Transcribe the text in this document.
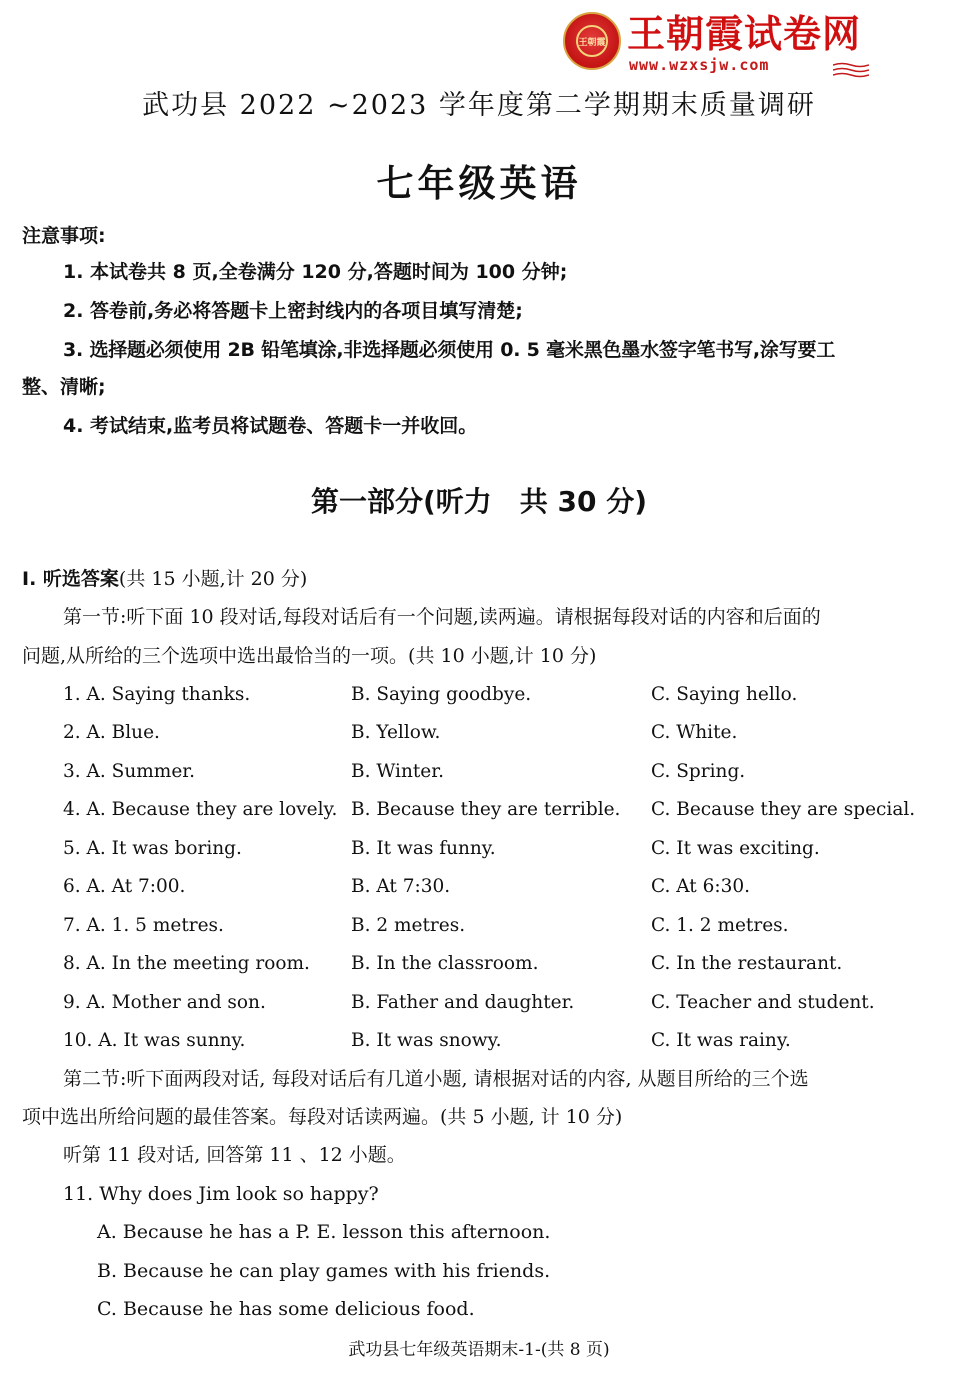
王朝霞 王朝霞试卷网
www.wzxsjw.com
武功县 2022 ~2023 学年度第二学期期末质量调研
七年级英语
注意事项:
1. 本试卷共 8 页,全卷满分 120 分,答题时间为 100 分钟;
2. 答卷前,务必将答题卡上密封线内的各项目填写清楚;
3. 选择题必须使用 2B 铅笔填涂,非选择题必须使用 0. 5 毫米黑色墨水签字笔书写,涂写要工
整、清晰;
4. 考试结束,监考员将试题卷、答题卡一并收回。
第一部分(听力　共 30 分)
Ⅰ. 听选答案(共 15 小题,计 20 分)
第一节:听下面 10 段对话,每段对话后有一个问题,读两遍。请根据每段对话的内容和后面的
问题,从所给的三个选项中选出最恰当的一项。(共 10 小题,计 10 分)
1. A. Saying thanks.	B. Saying goodbye.	C. Saying hello.
2. A. Blue.	B. Yellow.	C. White.
3. A. Summer.	B. Winter.	C. Spring.
4. A. Because they are lovely. B. Because they are terrible. C. Because they are special.
5. A. It was boring.	B. It was funny.	C. It was exciting.
6. A. At 7:00.	B. At 7:30.	C. At 6:30.
7. A. 1. 5 metres.	B. 2 metres.	C. 1. 2 metres.
8. A. In the meeting room. B. In the classroom.	C. In the restaurant.
9. A. Mother and son.	B. Father and daughter.	C. Teacher and student.
10. A. It was sunny.	B. It was snowy.	C. It was rainy.
第二节:听下面两段对话, 每段对话后有几道小题, 请根据对话的内容, 从题目所给的三个选
项中选出所给问题的最佳答案。每段对话读两遍。(共 5 小题, 计 10 分)
听第 11 段对话, 回答第 11 、12 小题。
11. Why does Jim look so happy?
A. Because he has a P. E. lesson this afternoon.
B. Because he can play games with his friends.
C. Because he has some delicious food.
武功县七年级英语期末-1-(共 8 页)
